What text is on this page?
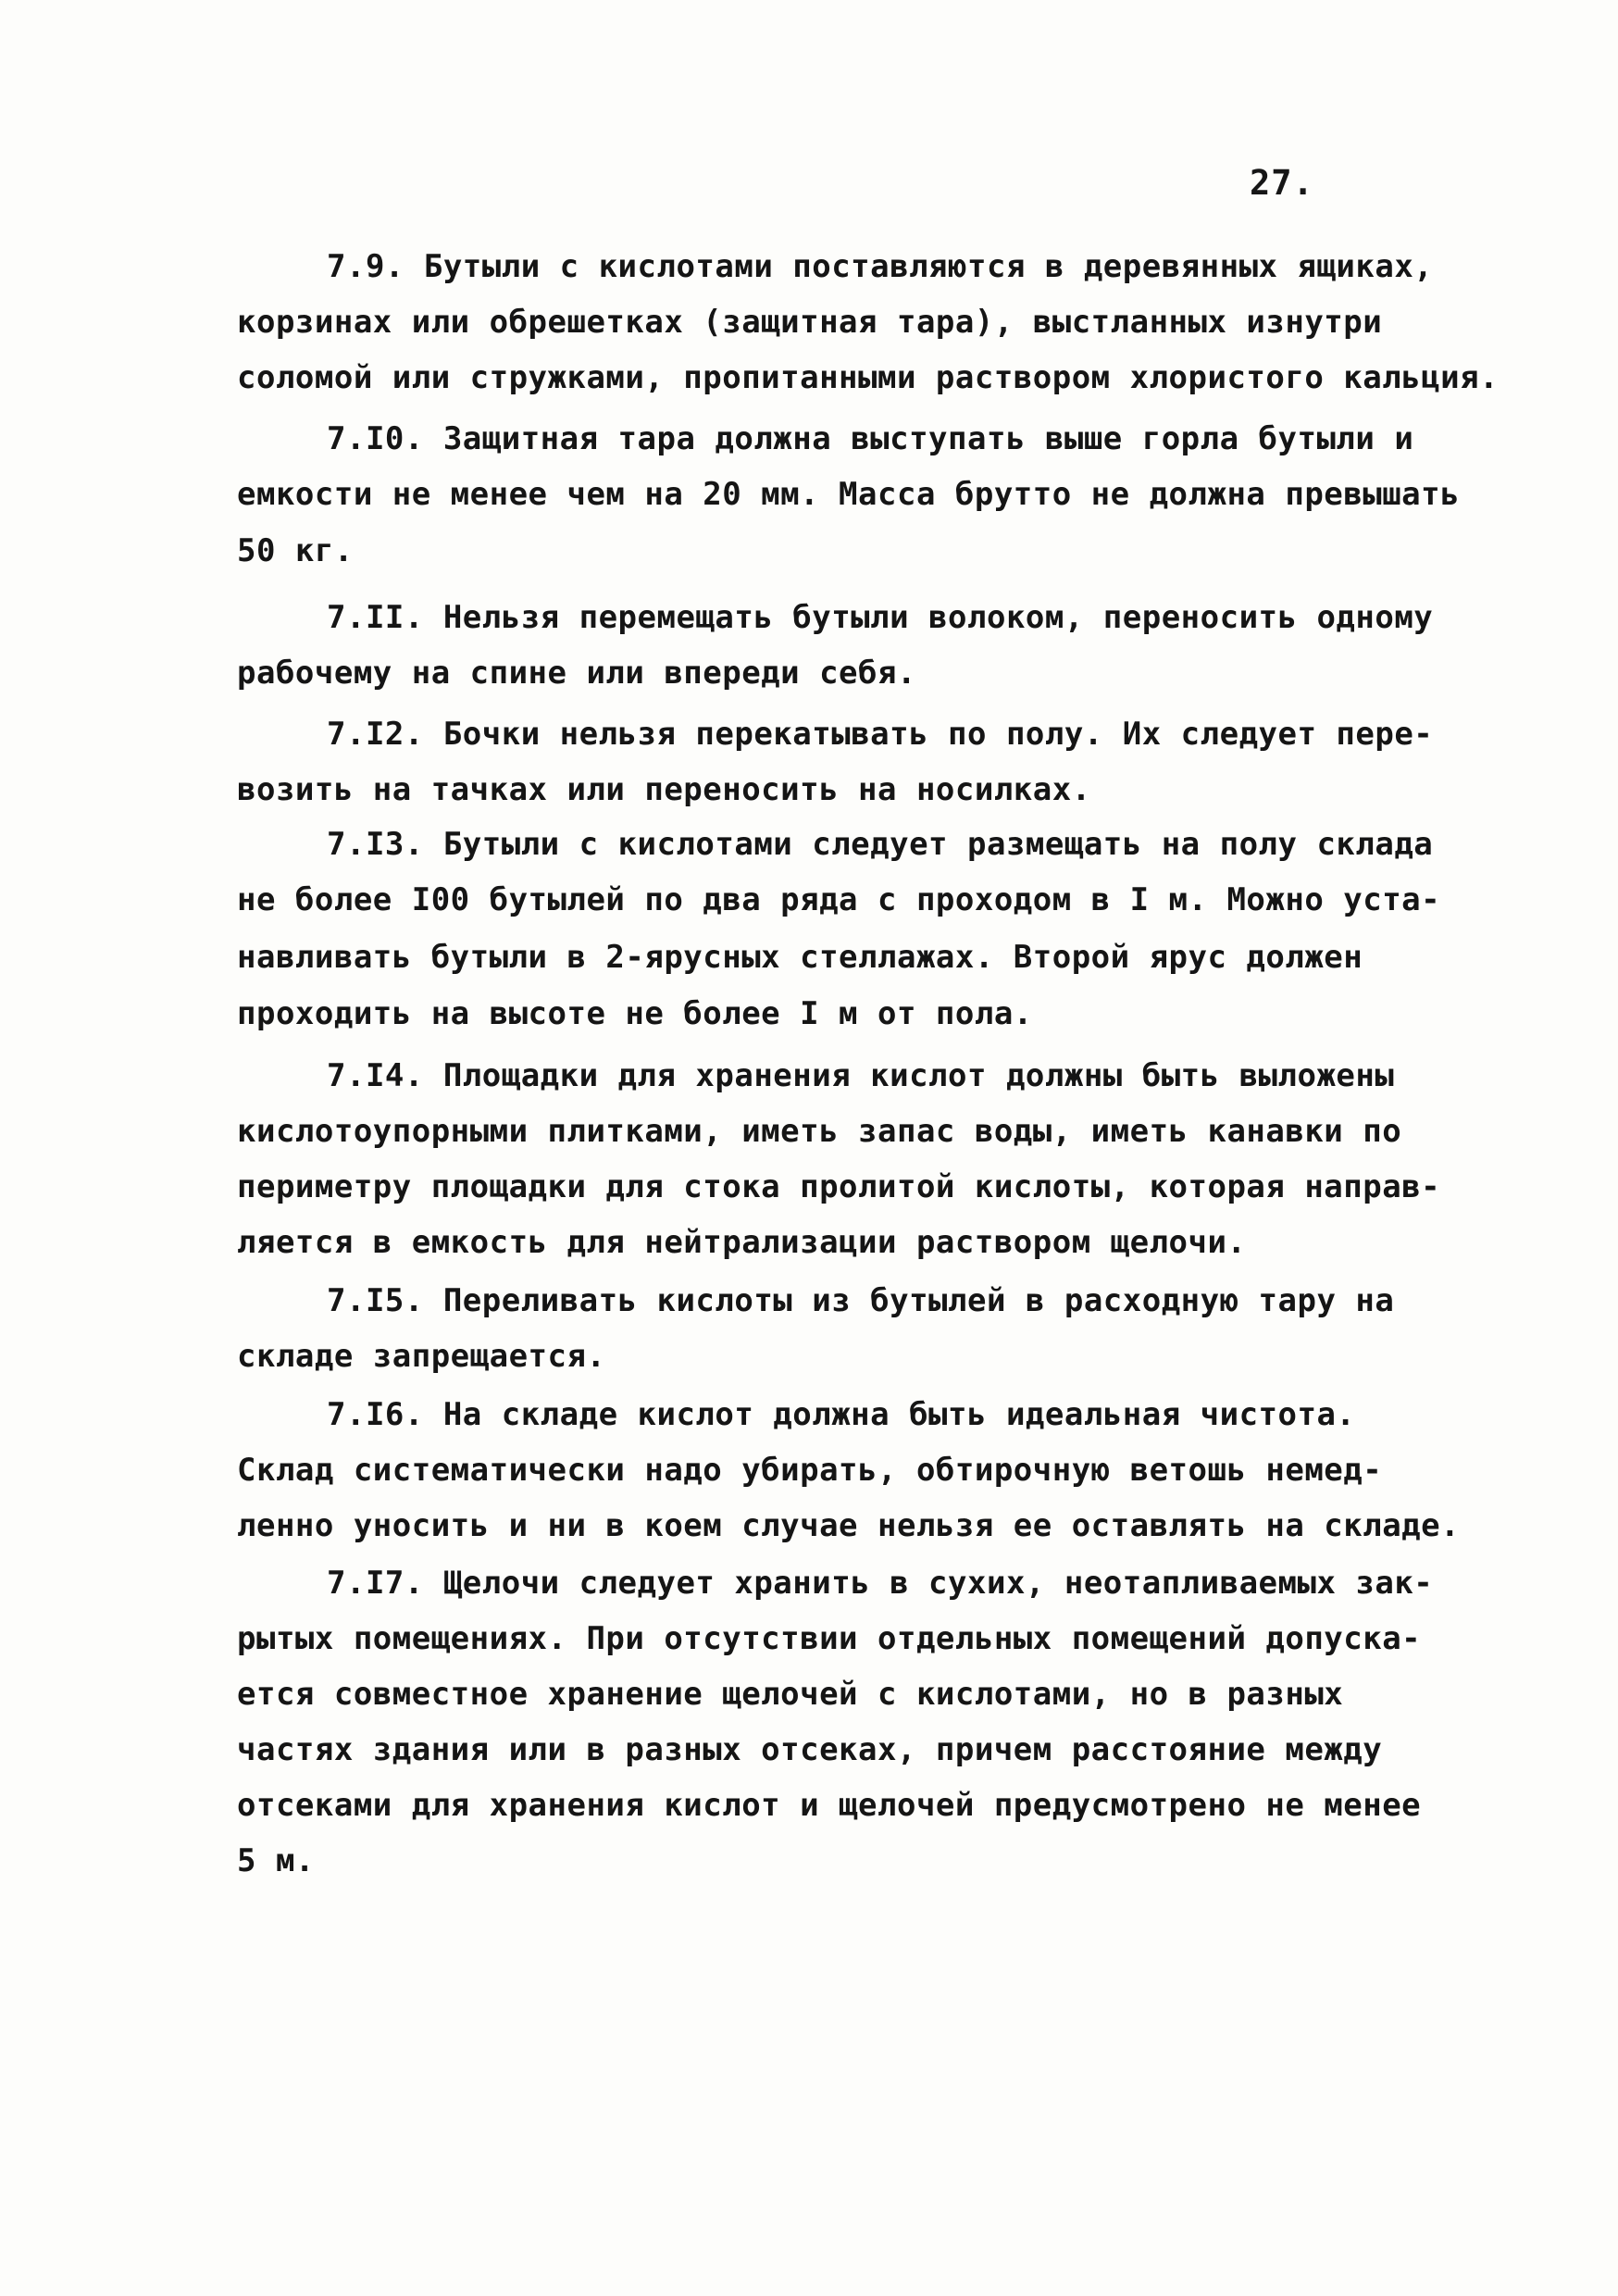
27.
7.9. Бутыли с кислотами поставляются в деревянных ящиках,
корзинах или обрешетках (защитная тара), выстланных изнутри
соломой или стружками, пропитанными раствором хлористого кальция.
7.I0. Защитная тара должна выступать выше горла бутыли и
емкости не менее чем на 20 мм. Масса брутто не должна превышать
50 кг.
7.II. Нельзя перемещать бутыли волоком, переносить одному
рабочему на спине или впереди себя.
7.I2. Бочки нельзя перекатывать по полу. Их следует пере-
возить на тачках или переносить на носилках.
7.I3. Бутыли с кислотами следует размещать на полу склада
не более I00 бутылей по два ряда с проходом в I м. Можно уста-
навливать бутыли в 2-ярусных стеллажах. Второй ярус должен
проходить на высоте не более I м от пола.
7.I4. Площадки для хранения кислот должны быть выложены
кислотоупорными плитками, иметь запас воды, иметь канавки по
периметру площадки для стока пролитой кислоты, которая направ-
ляется в емкость для нейтрализации раствором щелочи.
7.I5. Переливать кислоты из бутылей в расходную тару на
складе запрещается.
7.I6. На складе кислот должна быть идеальная чистота.
Склад систематически надо убирать, обтирочную ветошь немед-
ленно уносить и ни в коем случае нельзя ее оставлять на складе.
7.I7. Щелочи следует хранить в сухих, неотапливаемых зак-
рытых помещениях. При отсутствии отдельных помещений допуска-
ется совместное хранение щелочей с кислотами, но в разных
частях здания или в разных отсеках, причем расстояние между
отсеками для хранения кислот и щелочей предусмотрено не менее
5 м.
